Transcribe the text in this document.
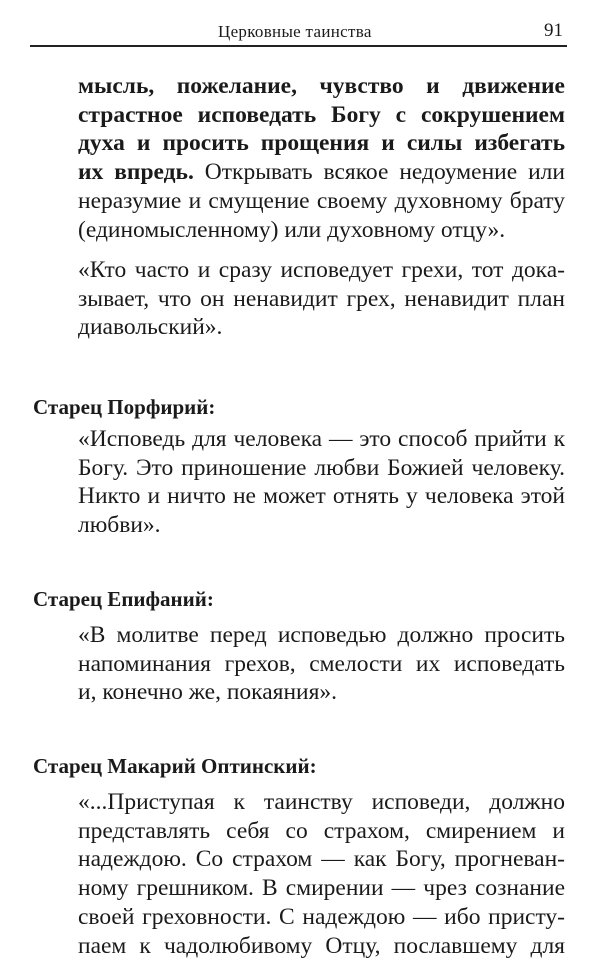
Церковные таинства	91
мысль, пожелание, чувство и движение
страстное исповедать Богу с сокрушением
духа и просить прощения и силы избегать
их впредь. Открывать всякое недоумение или
неразумие и смущение своему духовному брату
(единомысленному) или духовному отцу».
«Кто часто и сразу исповедует грехи, тот дока-
зывает, что он ненавидит грех, ненавидит план
диавольский».
Старец Порфирий:
«Исповедь для человека — это способ прийти к
Богу. Это приношение любви Божией человеку.
Никто и ничто не может отнять у человека этой
любви».
Старец Епифаний:
«В молитве перед исповедью должно просить
напоминания грехов, смелости их исповедать
и, конечно же, покаяния».
Старец Макарий Оптинский:
«...Приступая к таинству исповеди, должно
представлять себя со страхом, смирением и
надеждою. Со страхом — как Богу, прогневан-
ному грешником. В смирении — чрез сознание
своей греховности. С надеждою — ибо присту-
паем к чадолюбивому Отцу, пославшему для
